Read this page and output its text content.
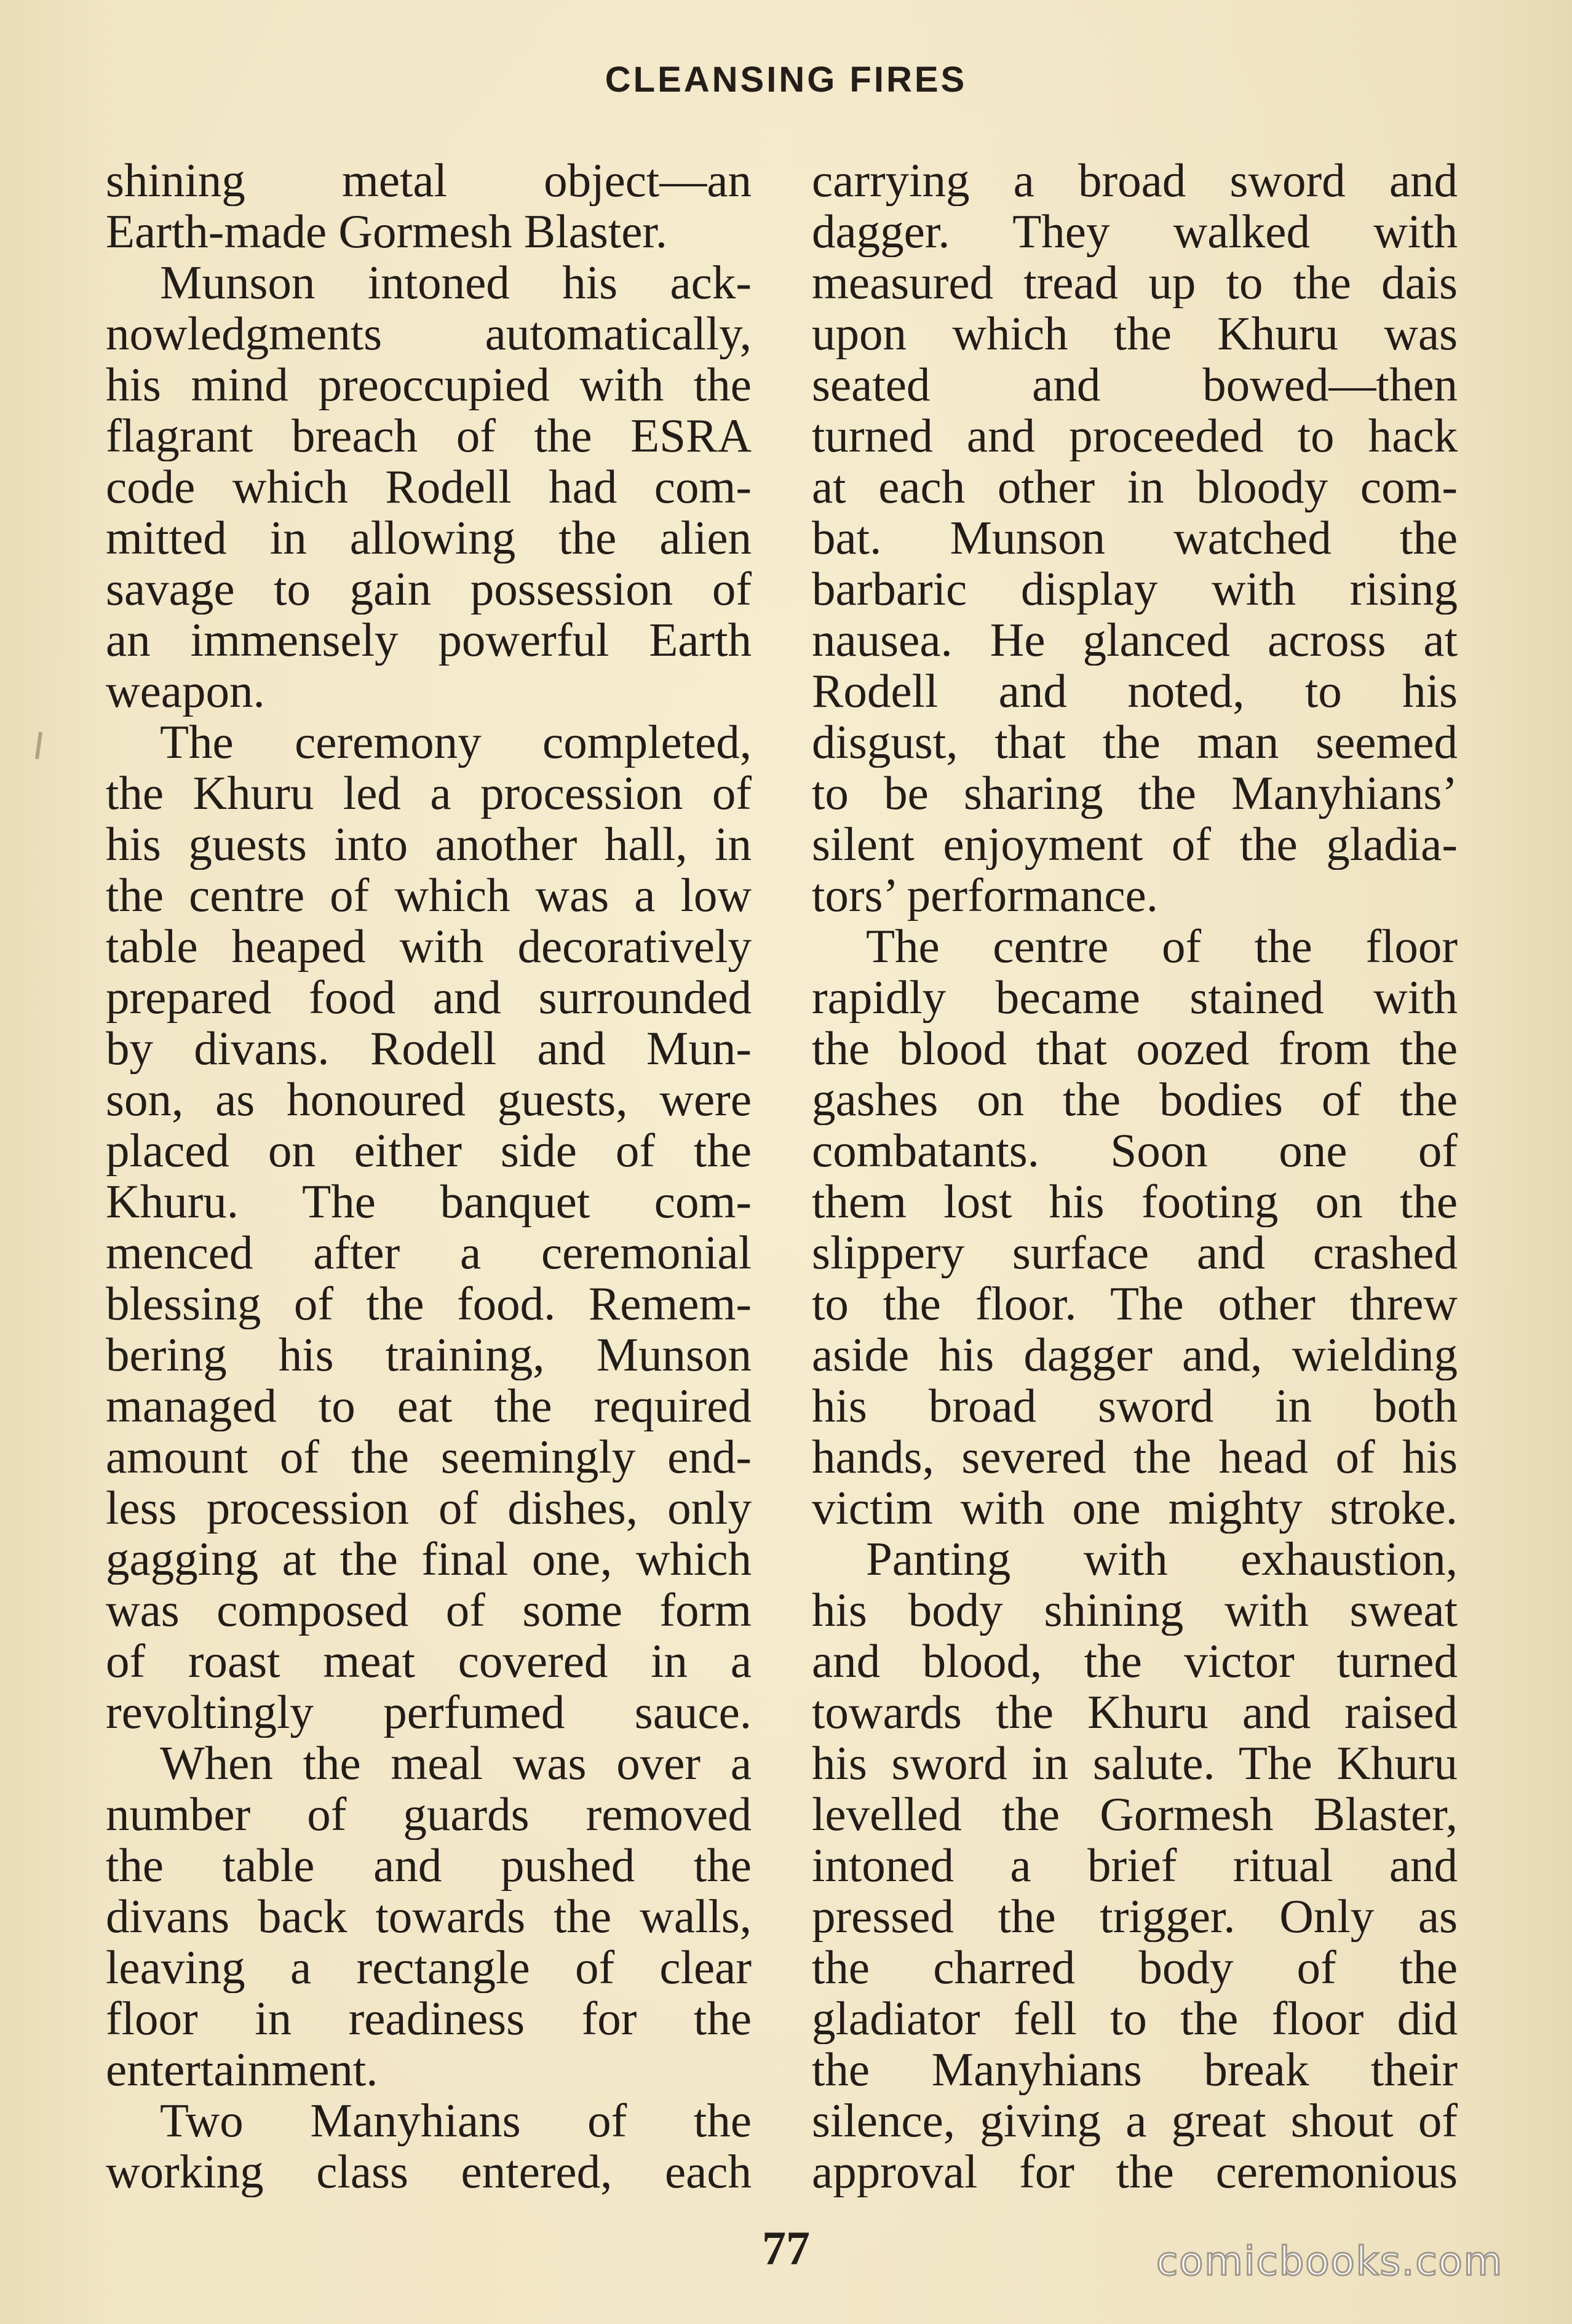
CLEANSING FIRES
shining metal object—an
Earth-made Gormesh Blaster.
Munson intoned his ack-
nowledgments automatically,
his mind preoccupied with the
flagrant breach of the ESRA
code which Rodell had com-
mitted in allowing the alien
savage to gain possession of
an immensely powerful Earth
weapon.
The ceremony completed,
the Khuru led a procession of
his guests into another hall, in
the centre of which was a low
table heaped with decoratively
prepared food and surrounded
by divans. Rodell and Mun-
son, as honoured guests, were
placed on either side of the
Khuru. The banquet com-
menced after a ceremonial
blessing of the food. Remem-
bering his training, Munson
managed to eat the required
amount of the seemingly end-
less procession of dishes, only
gagging at the final one, which
was composed of some form
of roast meat covered in a
revoltingly perfumed sauce.
When the meal was over a
number of guards removed
the table and pushed the
divans back towards the walls,
leaving a rectangle of clear
floor in readiness for the
entertainment.
Two Manyhians of the
working class entered, each
carrying a broad sword and
dagger. They walked with
measured tread up to the dais
upon which the Khuru was
seated and bowed—then
turned and proceeded to hack
at each other in bloody com-
bat. Munson watched the
barbaric display with rising
nausea. He glanced across at
Rodell and noted, to his
disgust, that the man seemed
to be sharing the Manyhians’
silent enjoyment of the gladia-
tors’ performance.
The centre of the floor
rapidly became stained with
the blood that oozed from the
gashes on the bodies of the
combatants. Soon one of
them lost his footing on the
slippery surface and crashed
to the floor. The other threw
aside his dagger and, wielding
his broad sword in both
hands, severed the head of his
victim with one mighty stroke.
Panting with exhaustion,
his body shining with sweat
and blood, the victor turned
towards the Khuru and raised
his sword in salute. The Khuru
levelled the Gormesh Blaster,
intoned a brief ritual and
pressed the trigger. Only as
the charred body of the
gladiator fell to the floor did
the Manyhians break their
silence, giving a great shout of
approval for the ceremonious
77	comicbooks.com
